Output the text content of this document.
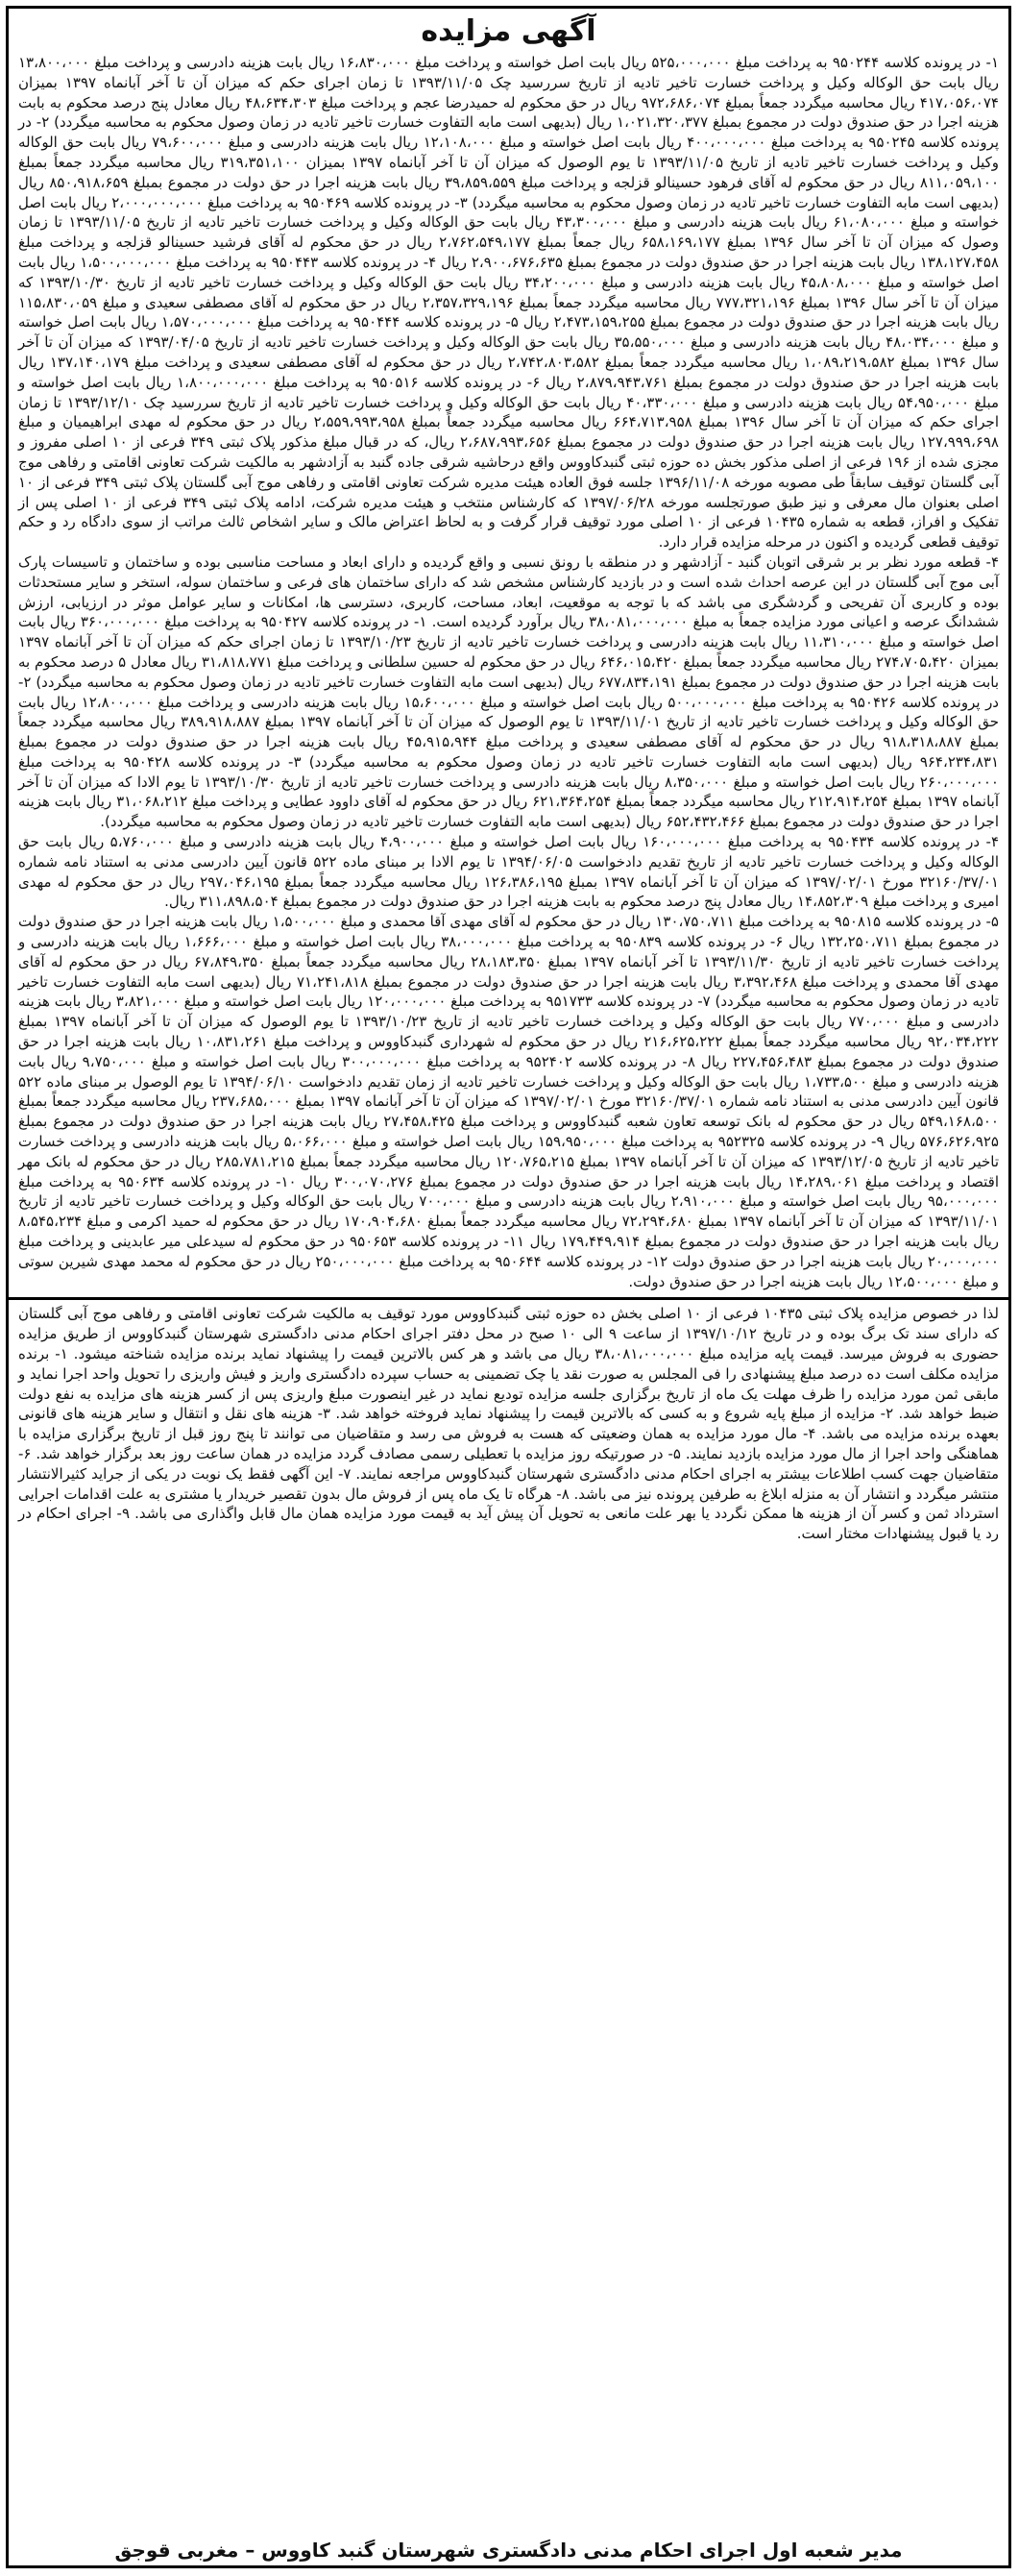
آگهی مزایده

۱- در پرونده کلاسه ۹۵۰۲۴۴ به پرداخت مبلغ ۵۲۵،۰۰۰،۰۰۰ ریال بابت اصل خواسته و پرداخت مبلغ ۱۶،۸۳۰،۰۰۰ ریال بابت هزینه دادرسی و پرداخت مبلغ ۱۳،۸۰۰،۰۰۰ ریال بابت حق الوکاله وکیل و پرداخت خسارت تاخیر تادیه از تاریخ سررسید چک ۱۳۹۳/۱۱/۰۵ تا زمان اجرای حکم که میزان آن تا آخر آبانماه ۱۳۹۷ بمیزان ۴۱۷،۰۵۶،۰۷۴ ریال محاسبه میگردد جمعاً بمبلغ ۹۷۲،۶۸۶،۰۷۴ ریال در حق محکوم له حمیدرضا عجم و پرداخت مبلغ ۴۸،۶۳۴،۳۰۳ ریال معادل پنج درصد محکوم به بابت هزینه اجرا در حق صندوق دولت در مجموع بمبلغ ۱،۰۲۱،۳۲۰،۳۷۷ ریال (بدیهی است مابه التفاوت خسارت تاخیر تادیه در زمان وصول محکوم به محاسبه میگردد) ۲- در پرونده کلاسه ۹۵۰۲۴۵ به پرداخت مبلغ ۴۰۰،۰۰۰،۰۰۰ ریال بابت اصل خواسته و مبلغ ۱۲،۱۰۸،۰۰۰ ریال بابت هزینه دادرسی و مبلغ ۷۹،۶۰۰،۰۰۰ ریال بابت حق الوکاله وکیل و پرداخت خسارت تاخیر تادیه از تاریخ ۱۳۹۳/۱۱/۰۵ تا یوم الوصول که میزان آن تا آخر آبانماه ۱۳۹۷ بمیزان ۳۱۹،۳۵۱،۱۰۰ ریال محاسبه میگردد جمعاً بمبلغ ۸۱۱،۰۵۹،۱۰۰ ریال در حق محکوم له آقای فرهود حسینالو قزلجه و پرداخت مبلغ ۳۹،۸۵۹،۵۵۹ ریال بابت هزینه اجرا در حق دولت در مجموع بمبلغ ۸۵۰،۹۱۸،۶۵۹ ریال (بدیهی است مابه التفاوت خسارت تاخیر تادیه در زمان وصول محکوم به محاسبه میگردد) ۳- در پرونده کلاسه ۹۵۰۴۶۹ به پرداخت مبلغ ۲،۰۰۰،۰۰۰،۰۰۰ ریال بابت اصل خواسته و مبلغ ۶۱،۰۸۰،۰۰۰ ریال بابت هزینه دادرسی و مبلغ ۴۳،۳۰۰،۰۰۰ ریال بابت حق الوکاله وکیل و پرداخت خسارت تاخیر تادیه از تاریخ ۱۳۹۳/۱۱/۰۵ تا زمان وصول که میزان آن تا آخر سال ۱۳۹۶ بمبلغ ۶۵۸،۱۶۹،۱۷۷ ریال جمعاً بمبلغ ۲،۷۶۲،۵۴۹،۱۷۷ ریال در حق محکوم له آقای فرشید حسینالو قزلجه و پرداخت مبلغ ۱۳۸،۱۲۷،۴۵۸ ریال بابت هزینه اجرا در حق صندوق دولت در مجموع بمبلغ ۲،۹۰۰،۶۷۶،۶۳۵ ریال ۴- در پرونده کلاسه ۹۵۰۴۴۳ به پرداخت مبلغ ۱،۵۰۰،۰۰۰،۰۰۰ ریال بابت اصل خواسته و مبلغ ۴۵،۸۰۸،۰۰۰ ریال بابت هزینه دادرسی و مبلغ ۳۴،۲۰۰،۰۰۰ ریال بابت حق الوکاله وکیل و پرداخت خسارت تاخیر تادیه از تاریخ ۱۳۹۳/۱۰/۳۰ که میزان آن تا آخر سال ۱۳۹۶ بمبلغ ۷۷۷،۳۲۱،۱۹۶ ریال محاسبه میگردد جمعاً بمبلغ ۲،۳۵۷،۳۲۹،۱۹۶ ریال در حق محکوم له آقای مصطفی سعیدی و مبلغ ۱۱۵،۸۳۰،۰۵۹ ریال بابت هزینه اجرا در حق صندوق دولت در مجموع بمبلغ ۲،۴۷۳،۱۵۹،۲۵۵ ریال ۵- در پرونده کلاسه ۹۵۰۴۴۴ به پرداخت مبلغ ۱،۵۷۰،۰۰۰،۰۰۰ ریال بابت اصل خواسته و مبلغ ۴۸،۰۳۴،۰۰۰ ریال بابت هزینه دادرسی و مبلغ ۳۵،۵۵۰،۰۰۰ ریال بابت حق الوکاله وکیل و پرداخت خسارت تاخیر تادیه از تاریخ ۱۳۹۳/۰۴/۰۵ که میزان آن تا آخر سال ۱۳۹۶ بمبلغ ۱،۰۸۹،۲۱۹،۵۸۲ ریال محاسبه میگردد جمعاً بمبلغ ۲،۷۴۲،۸۰۳،۵۸۲ ریال در حق محکوم له آقای مصطفی سعیدی و پرداخت مبلغ ۱۳۷،۱۴۰،۱۷۹ ریال بابت هزینه اجرا در حق صندوق دولت در مجموع بمبلغ ۲،۸۷۹،۹۴۳،۷۶۱ ریال ۶- در پرونده کلاسه ۹۵۰۵۱۶ به پرداخت مبلغ ۱،۸۰۰،۰۰۰،۰۰۰ ریال بابت اصل خواسته و مبلغ ۵۴،۹۵۰،۰۰۰ ریال بابت هزینه دادرسی و مبلغ ۴۰،۳۳۰،۰۰۰ ریال بابت حق الوکاله وکیل و پرداخت خسارت تاخیر تادیه از تاریخ سررسید چک ۱۳۹۳/۱۲/۱۰ تا زمان اجرای حکم که میزان آن تا آخر سال ۱۳۹۶ بمبلغ ۶۶۴،۷۱۳،۹۵۸ ریال محاسبه میگردد جمعاً بمبلغ ۲،۵۵۹،۹۹۳،۹۵۸ ریال در حق محکوم له مهدی ابراهیمیان و مبلغ ۱۲۷،۹۹۹،۶۹۸ ریال بابت هزینه اجرا در حق صندوق دولت در مجموع بمبلغ ۲،۶۸۷،۹۹۳،۶۵۶ ریال، که در قبال مبلغ مذکور پلاک ثبتی ۳۴۹ فرعی از ۱۰ اصلی مفروز و مجزی شده از ۱۹۶ فرعی از اصلی مذکور بخش ده حوزه ثبتی گنبدکاووس واقع درحاشیه شرقی جاده گنبد به آزادشهر به مالکیت شرکت تعاونی اقامتی و رفاهی موج آبی گلستان توقیف سابقاً طی مصوبه مورخه ۱۳۹۶/۱۱/۰۸ جلسه فوق العاده هیئت مدیره شرکت تعاونی اقامتی و رفاهی موج آبی گلستان پلاک ثبتی ۳۴۹ فرعی از ۱۰ اصلی بعنوان مال معرفی و نیز طبق صورتجلسه مورخه ۱۳۹۷/۰۶/۲۸ که کارشناس منتخب و هیئت مدیره شرکت، ادامه پلاک ثبتی ۳۴۹ فرعی از ۱۰ اصلی پس از تفکیک و افراز، قطعه به شماره ۱۰۴۳۵ فرعی از ۱۰ اصلی مورد توقیف قرار گرفت و به لحاظ اعتراض مالک و سایر اشخاص ثالث مراتب از سوی دادگاه رد و حکم توقیف قطعی گردیده و اکنون در مرحله مزایده قرار دارد.

۴- قطعه مورد نظر بر بر شرقی اتوبان گنبد - آزادشهر و در منطقه با رونق نسبی و واقع گردیده و دارای ابعاد و مساحت مناسبی بوده و ساختمان و تاسیسات پارک آبی موج آبی گلستان در این عرصه احداث شده است و در بازدید کارشناس مشخص شد که دارای ساختمان های فرعی و ساختمان سوله، استخر و سایر مستحدثات بوده و کاربری آن تفریحی و گردشگری می باشد که با توجه به موقعیت، ابعاد، مساحت، کاربری، دسترسی ها، امکانات و سایر عوامل موثر در ارزیابی، ارزش ششدانگ عرصه و اعیانی مورد مزایده جمعاً به مبلغ ۳۸،۰۸۱،۰۰۰،۰۰۰ ریال برآورد گردیده است. ۱- در پرونده کلاسه ۹۵۰۴۲۷ به پرداخت مبلغ ۳۶۰،۰۰۰،۰۰۰ ریال بابت اصل خواسته و مبلغ ۱۱،۳۱۰،۰۰۰ ریال بابت هزینه دادرسی و پرداخت خسارت تاخیر تادیه از تاریخ ۱۳۹۳/۱۰/۲۳ تا زمان اجرای حکم که میزان آن تا آخر آبانماه ۱۳۹۷ بمیزان ۲۷۴،۷۰۵،۴۲۰ ریال محاسبه میگردد جمعاً بمبلغ ۶۴۶،۰۱۵،۴۲۰ ریال در حق محکوم له حسین سلطانی و پرداخت مبلغ ۳۱،۸۱۸،۷۷۱ ریال معادل ۵ درصد محکوم به بابت هزینه اجرا در حق صندوق دولت در مجموع بمبلغ ۶۷۷،۸۳۴،۱۹۱ ریال (بدیهی است مابه التفاوت خسارت تاخیر تادیه در زمان وصول محکوم به محاسبه میگردد) ۲- در پرونده کلاسه ۹۵۰۴۲۶ به پرداخت مبلغ ۵۰۰،۰۰۰،۰۰۰ ریال بابت اصل خواسته و مبلغ ۱۵،۶۰۰،۰۰۰ ریال بابت هزینه دادرسی و پرداخت مبلغ ۱۲،۸۰۰،۰۰۰ ریال بابت حق الوکاله وکیل و پرداخت خسارت تاخیر تادیه از تاریخ ۱۳۹۳/۱۱/۰۱ تا یوم الوصول که میزان آن تا آخر آبانماه ۱۳۹۷ بمبلغ ۳۸۹،۹۱۸،۸۸۷ ریال محاسبه میگردد جمعاً بمبلغ ۹۱۸،۳۱۸،۸۸۷ ریال در حق محکوم له آقای مصطفی سعیدی و پرداخت مبلغ ۴۵،۹۱۵،۹۴۴ ریال بابت هزینه اجرا در حق صندوق دولت در مجموع بمبلغ ۹۶۴،۲۳۴،۸۳۱ ریال (بدیهی است مابه التفاوت خسارت تاخیر تادیه در زمان وصول محکوم به محاسبه میگردد) ۳- در پرونده کلاسه ۹۵۰۴۲۸ به پرداخت مبلغ ۲۶۰،۰۰۰،۰۰۰ ریال بابت اصل خواسته و مبلغ ۸،۳۵۰،۰۰۰ ریال بابت هزینه دادرسی و پرداخت خسارت تاخیر تادیه از تاریخ ۱۳۹۳/۱۰/۳۰ تا یوم الادا که میزان آن تا آخر آبانماه ۱۳۹۷ بمبلغ ۲۱۲،۹۱۴،۲۵۴ ریال محاسبه میگردد جمعاً بمبلغ ۶۲۱،۳۶۴،۲۵۴ ریال در حق محکوم له آقای داوود عطایی و پرداخت مبلغ ۳۱،۰۶۸،۲۱۲ ریال بابت هزینه اجرا در حق صندوق دولت در مجموع بمبلغ ۶۵۲،۴۳۲،۴۶۶ ریال (بدیهی است مابه التفاوت خسارت تاخیر تادیه در زمان وصول محکوم به محاسبه میگردد).

۴- در پرونده کلاسه ۹۵۰۴۳۴ به پرداخت مبلغ ۱۶۰،۰۰۰،۰۰۰ ریال بابت اصل خواسته و مبلغ ۴،۹۰۰،۰۰۰ ریال بابت هزینه دادرسی و مبلغ ۵،۷۶۰،۰۰۰ ریال بابت حق الوکاله وکیل و پرداخت خسارت تاخیر تادیه از تاریخ تقدیم دادخواست ۱۳۹۴/۰۶/۰۵ تا یوم الادا بر مبنای ماده ۵۲۲ قانون آیین دادرسی مدنی به استناد نامه شماره ۳۲۱۶۰/۳۷/۰۱ مورخ ۱۳۹۷/۰۲/۰۱ که میزان آن تا آخر آبانماه ۱۳۹۷ بمبلغ ۱۲۶،۳۸۶،۱۹۵ ریال محاسبه میگردد جمعاً بمبلغ ۲۹۷،۰۴۶،۱۹۵ ریال در حق محکوم له مهدی امیری و پرداخت مبلغ ۱۴،۸۵۲،۳۰۹ ریال معادل پنج درصد محکوم به بابت هزینه اجرا در حق صندوق دولت در مجموع بمبلغ ۳۱۱،۸۹۸،۵۰۴ ریال.

۵- در پرونده کلاسه ۹۵۰۸۱۵ به پرداخت مبلغ ۱۳۰،۷۵۰،۷۱۱ ریال در حق محکوم له آقای مهدی آقا محمدی و مبلغ ۱،۵۰۰،۰۰۰ ریال بابت هزینه اجرا در حق صندوق دولت در مجموع بمبلغ ۱۳۲،۲۵۰،۷۱۱ ریال ۶- در پرونده کلاسه ۹۵۰۸۳۹ به پرداخت مبلغ ۳۸،۰۰۰،۰۰۰ ریال بابت اصل خواسته و مبلغ ۱،۶۶۶،۰۰۰ ریال بابت هزینه دادرسی و پرداخت خسارت تاخیر تادیه از تاریخ ۱۳۹۳/۱۱/۳۰ تا آخر آبانماه ۱۳۹۷ بمبلغ ۲۸،۱۸۳،۳۵۰ ریال محاسبه میگردد جمعاً بمبلغ ۶۷،۸۴۹،۳۵۰ ریال در حق محکوم له آقای مهدی آقا محمدی و پرداخت مبلغ ۳،۳۹۲،۴۶۸ ریال بابت هزینه اجرا در حق صندوق دولت در مجموع بمبلغ ۷۱،۲۴۱،۸۱۸ ریال (بدیهی است مابه التفاوت خسارت تاخیر تادیه در زمان وصول محکوم به محاسبه میگردد) ۷- در پرونده کلاسه ۹۵۱۷۳۳ به پرداخت مبلغ ۱۲۰،۰۰۰،۰۰۰ ریال بابت اصل خواسته و مبلغ ۳،۸۲۱،۰۰۰ ریال بابت هزینه دادرسی و مبلغ ۷۷۰،۰۰۰ ریال بابت حق الوکاله وکیل و پرداخت خسارت تاخیر تادیه از تاریخ ۱۳۹۳/۱۰/۲۳ تا یوم الوصول که میزان آن تا آخر آبانماه ۱۳۹۷ بمبلغ ۹۲،۰۳۴،۲۲۲ ریال محاسبه میگردد جمعاً بمبلغ ۲۱۶،۶۲۵،۲۲۲ ریال در حق محکوم له شهرداری گنبدکاووس و پرداخت مبلغ ۱۰،۸۳۱،۲۶۱ ریال بابت هزینه اجرا در حق صندوق دولت در مجموع بمبلغ ۲۲۷،۴۵۶،۴۸۳ ریال ۸- در پرونده کلاسه ۹۵۲۴۰۲ به پرداخت مبلغ ۳۰۰،۰۰۰،۰۰۰ ریال بابت اصل خواسته و مبلغ ۹،۷۵۰،۰۰۰ ریال بابت هزینه دادرسی و مبلغ ۱،۷۳۳،۵۰۰ ریال بابت حق الوکاله وکیل و پرداخت خسارت تاخیر تادیه از زمان تقدیم دادخواست ۱۳۹۴/۰۶/۱۰ تا یوم الوصول بر مبنای ماده ۵۲۲ قانون آیین دادرسی مدنی به استناد نامه شماره ۳۲۱۶۰/۳۷/۰۱ مورخ ۱۳۹۷/۰۲/۰۱ که میزان آن تا آخر آبانماه ۱۳۹۷ بمبلغ ۲۳۷،۶۸۵،۰۰۰ ریال محاسبه میگردد جمعاً بمبلغ ۵۴۹،۱۶۸،۵۰۰ ریال در حق محکوم له بانک توسعه تعاون شعبه گنبدکاووس و پرداخت مبلغ ۲۷،۴۵۸،۴۲۵ ریال بابت هزینه اجرا در حق صندوق دولت در مجموع بمبلغ ۵۷۶،۶۲۶،۹۲۵ ریال ۹- در پرونده کلاسه ۹۵۲۳۲۵ به پرداخت مبلغ ۱۵۹،۹۵۰،۰۰۰ ریال بابت اصل خواسته و مبلغ ۵،۰۶۶،۰۰۰ ریال بابت هزینه دادرسی و پرداخت خسارت تاخیر تادیه از تاریخ ۱۳۹۳/۱۲/۰۵ که میزان آن تا آخر آبانماه ۱۳۹۷ بمبلغ ۱۲۰،۷۶۵،۲۱۵ ریال محاسبه میگردد جمعاً بمبلغ ۲۸۵،۷۸۱،۲۱۵ ریال در حق محکوم له بانک مهر اقتصاد و پرداخت مبلغ ۱۴،۲۸۹،۰۶۱ ریال بابت هزینه اجرا در حق صندوق دولت در مجموع بمبلغ ۳۰۰،۰۷۰،۲۷۶ ریال ۱۰- در پرونده کلاسه ۹۵۰۶۳۴ به پرداخت مبلغ ۹۵،۰۰۰،۰۰۰ ریال بابت اصل خواسته و مبلغ ۲،۹۱۰،۰۰۰ ریال بابت هزینه دادرسی و مبلغ ۷۰۰،۰۰۰ ریال بابت حق الوکاله وکیل و پرداخت خسارت تاخیر تادیه از تاریخ ۱۳۹۳/۱۱/۰۱ که میزان آن تا آخر آبانماه ۱۳۹۷ بمبلغ ۷۲،۲۹۴،۶۸۰ ریال محاسبه میگردد جمعاً بمبلغ ۱۷۰،۹۰۴،۶۸۰ ریال در حق محکوم له حمید اکرمی و مبلغ ۸،۵۴۵،۲۳۴ ریال بابت هزینه اجرا در حق صندوق دولت در مجموع بمبلغ ۱۷۹،۴۴۹،۹۱۴ ریال ۱۱- در پرونده کلاسه ۹۵۰۶۵۳ در حق محکوم له سیدعلی میر عابدینی و پرداخت مبلغ ۲۰،۰۰۰،۰۰۰ ریال بابت هزینه اجرا در حق صندوق دولت ۱۲- در پرونده کلاسه ۹۵۰۶۴۴ به پرداخت مبلغ ۲۵۰،۰۰۰،۰۰۰ ریال در حق محکوم له محمد مهدی شیرین سوتی و مبلغ ۱۲،۵۰۰،۰۰۰ ریال بابت هزینه اجرا در حق صندوق دولت.

لذا در خصوص مزایده پلاک ثبتی ۱۰۴۳۵ فرعی از ۱۰ اصلی بخش ده حوزه ثبتی گنبدکاووس مورد توقیف به مالکیت شرکت تعاونی اقامتی و رفاهی موج آبی گلستان که دارای سند تک برگ بوده و در تاریخ ۱۳۹۷/۱۰/۱۲ از ساعت ۹ الی ۱۰ صبح در محل دفتر اجرای احکام مدنی دادگستری شهرستان گنبدکاووس از طریق مزایده حضوری به فروش میرسد. قیمت پایه مزایده مبلغ ۳۸،۰۸۱،۰۰۰،۰۰۰ ریال می باشد و هر کس بالاترین قیمت را پیشنهاد نماید برنده مزایده شناخته میشود. ۱- برنده مزایده مکلف است ده درصد مبلغ پیشنهادی را فی المجلس به صورت نقد یا چک تضمینی به حساب سپرده دادگستری واریز و فیش واریزی را تحویل واحد اجرا نماید و مابقی ثمن مورد مزایده را ظرف مهلت یک ماه از تاریخ برگزاری جلسه مزایده تودیع نماید در غیر اینصورت مبلغ واریزی پس از کسر هزینه های مزایده به نفع دولت ضبط خواهد شد. ۲- مزایده از مبلغ پایه شروع و به کسی که بالاترین قیمت را پیشنهاد نماید فروخته خواهد شد. ۳- هزینه های نقل و انتقال و سایر هزینه های قانونی بعهده برنده مزایده می باشد. ۴- مال مورد مزایده به همان وضعیتی که هست به فروش می رسد و متقاضیان می توانند تا پنج روز قبل از تاریخ برگزاری مزایده با هماهنگی واحد اجرا از مال مورد مزایده بازدید نمایند. ۵- در صورتیکه روز مزایده با تعطیلی رسمی مصادف گردد مزایده در همان ساعت روز بعد برگزار خواهد شد. ۶- متقاضیان جهت کسب اطلاعات بیشتر به اجرای احکام مدنی دادگستری شهرستان گنبدکاووس مراجعه نمایند. ۷- این آگهی فقط یک نوبت در یکی از جراید کثیرالانتشار منتشر میگردد و انتشار آن به منزله ابلاغ به طرفین پرونده نیز می باشد. ۸- هرگاه تا یک ماه پس از فروش مال بدون تقصیر خریدار یا مشتری به علت اقدامات اجرایی استرداد ثمن و کسر آن از هزینه ها ممکن نگردد یا بهر علت مانعی به تحویل آن پیش آید به قیمت مورد مزایده همان مال قابل واگذاری می باشد. ۹- اجرای احکام در رد یا قبول پیشنهادات مختار است.

مدیر شعبه اول اجرای احکام مدنی دادگستری شهرستان گنبد کاووس – مغربی قوجق
